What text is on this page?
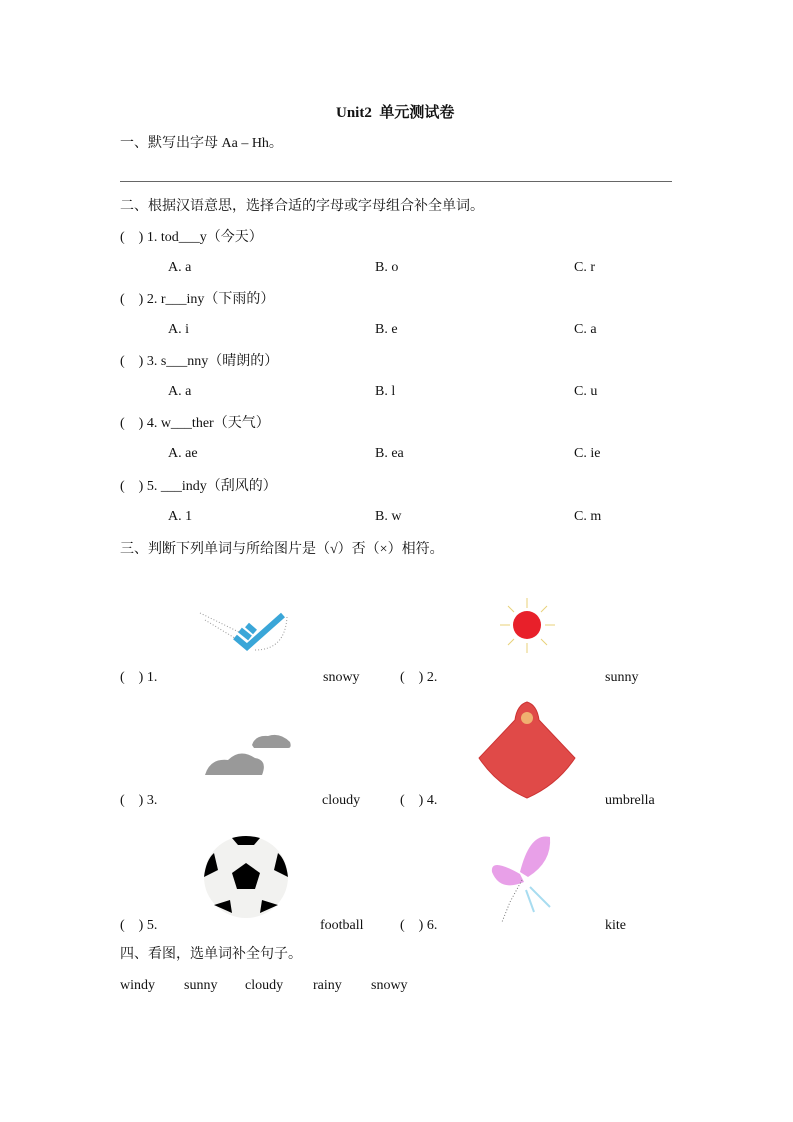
Unit2  单元测试卷
一、默写出字母 Aa – Hh。
二、根据汉语意思，选择合适的字母或字母组合补全单词。
三、判断下列单词与所给图片是（√）否（×）相符。
四、看图，选单词补全句子。
(    ) 1. tod___y（今天）
A. a	B. o	C. r
(    ) 2. r___iny（下雨的）
A. i	B. e	C. a
(    ) 3. s___nny（晴朗的）
A. a	B. l	C. u
(    ) 4. w___ther（天气）
A. ae	B. ea	C. ie
(    ) 5. ___indy（刮风的）
A. 1	B. w	C. m
(    ) 1.	snowy	(    ) 2.	sunny
(    ) 3.	cloudy	(    ) 4.	umbrella
(    ) 5.	football	(    ) 6.	kite
windy sunny cloudy rainy snowy
